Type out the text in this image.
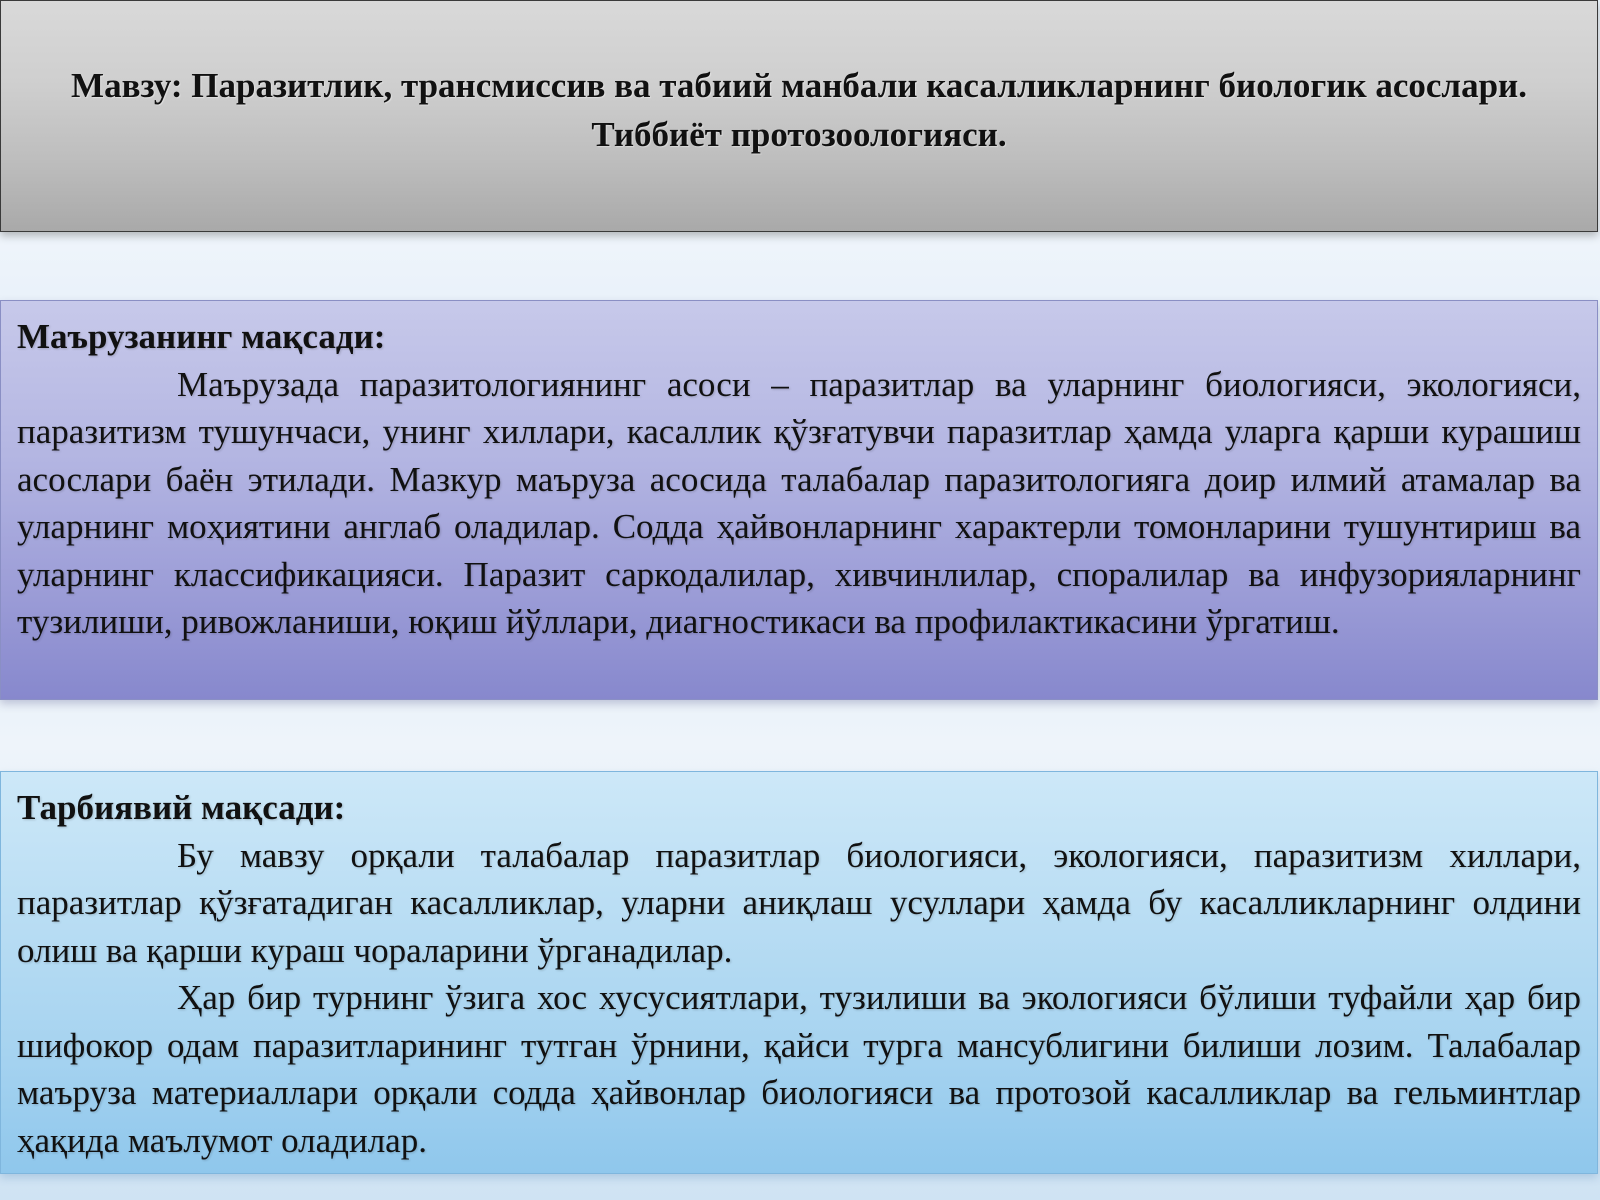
Мавзу: Паразитлик, трансмиссив ва табиий манбали касалликларнинг биологик асослари. Тиббиёт протозоологияси.

Маърузанинг мақсади:

Маърузада паразитологиянинг асоси – паразитлар ва уларнинг биологияси, экологияси, паразитизм тушунчаси, унинг хиллари, касаллик қўзғатувчи паразитлар ҳамда уларга қарши курашиш асослари баён этилади. Мазкур маъруза асосида талабалар паразитологияга доир илмий атамалар ва уларнинг моҳиятини англаб оладилар. Содда ҳайвонларнинг характерли томонларини тушунтириш ва уларнинг классификацияси. Паразит саркодалилар, хивчинлилар, споралилар ва инфузорияларнинг тузилиши, ривожланиши, юқиш йўллари, диагностикаси ва профилактикасини ўргатиш.

Тарбиявий мақсади:

Бу мавзу орқали талабалар паразитлар биологияси, экологияси, паразитизм хиллари, паразитлар қўзғатадиган касалликлар, уларни аниқлаш усуллари ҳамда бу касалликларнинг олдини олиш ва қарши кураш чораларини ўрганадилар.

Ҳар бир турнинг ўзига хос хусусиятлари, тузилиши ва экологияси бўлиши туфайли ҳар бир шифокор одам паразитларининг тутган ўрнини, қайси турга мансублигини билиши лозим. Талабалар маъруза материаллари орқали содда ҳайвонлар биологияси ва протозой касалликлар ва гельминтлар ҳақида маълумот оладилар.
